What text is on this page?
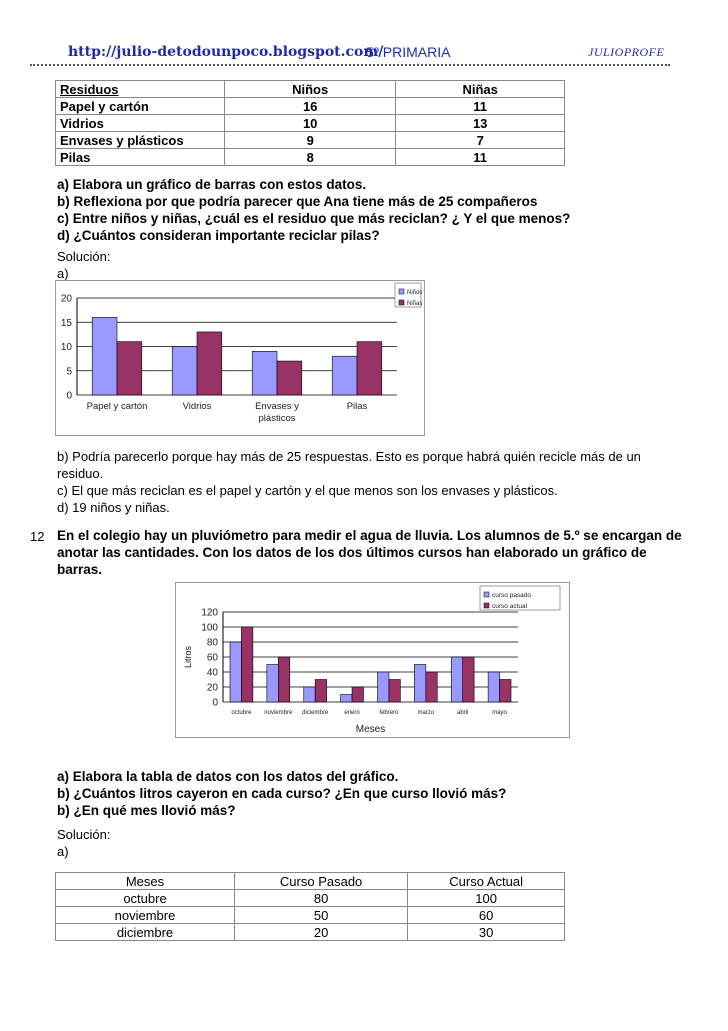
http://julio-detodounpoco.blogspot.com/
5º PRIMARIA	JULIOPROFE
Residuos	Niños	Niñas
Papel y cartón	16	11
Vidrios	10	13
Envases y plásticos	9	7
Pilas	8	11
a) Elabora un gráfico de barras con estos datos.
b) Reflexiona por que podría parecer que Ana tiene más de 25 compañeros
c) Entre niños y niñas, ¿cuál es el residuo que más reciclan? ¿ Y el que menos?
d) ¿Cuántos consideran importante reciclar pilas?
Solución:
a)
0
5
10
15
20
Papel y cartón	Vidrios	Envases y
plásticos
Pilas
Niños
Niñas
b) Podría parecerlo porque hay más de 25 respuestas. Esto es porque habrá quién recicle más de un
residuo.
c) El que más reciclan es el papel y cartón y el que menos son los envases y plásticos.
d) 19 niños y niñas.
12 En el colegio hay un pluviómetro para medir el agua de lluvia. Los alumnos de 5.º se encargan de
anotar las cantidades. Con los datos de los dos últimos cursos han elaborado un gráfico de
barras.
0
20
40
60
80
100
120
octubre noviembre diciembre	enero	febrero	marzo	abril	mayo
curso pasado
curso actual
Litros
Meses
a) Elabora la tabla de datos con los datos del gráfico.
b) ¿Cuántos litros cayeron en cada curso? ¿En que curso llovió más?
b) ¿En qué mes llovió más?
Solución:
a)
Meses	Curso Pasado	Curso Actual
octubre	80	100
noviembre	50	60
diciembre	20	30
